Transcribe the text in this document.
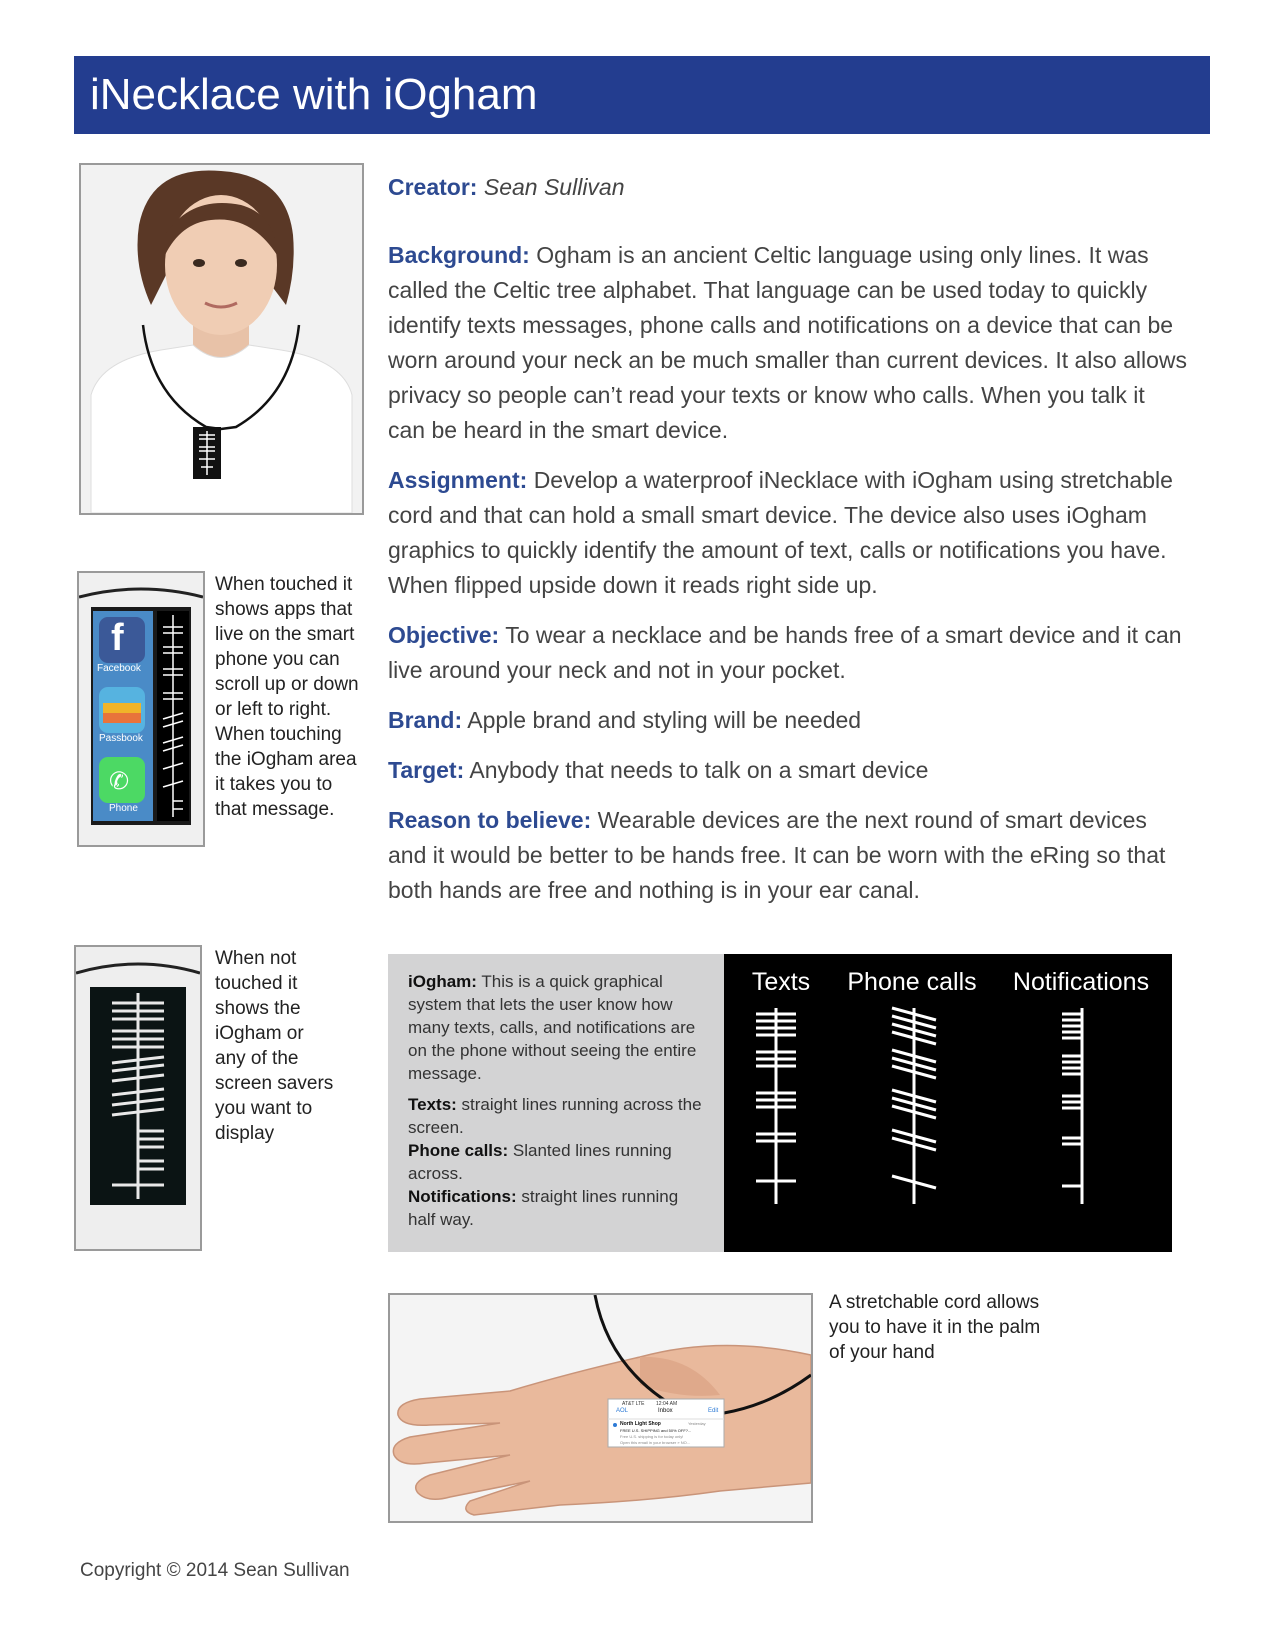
iNecklace with iOgham

Creator: Sean Sullivan

Background: Ogham is an ancient Celtic language using only lines. It was called the Celtic tree alphabet. That language can be used today to quickly identify texts messages, phone calls and notifications on a device that can be worn around your neck an be much smaller than current devices. It also allows privacy so people can’t read your texts or know who calls. When you talk it can be heard in the smart device.

Assignment: Develop a waterproof iNecklace with iOgham using stretchable cord and that can hold a small smart device. The device also uses iOgham graphics to quickly identify the amount of text, calls or notifications you have. When flipped upside down it reads right side up.

Objective: To wear a necklace and be hands free of a smart device and it can live around your neck and not in your pocket.

Brand: Apple brand and styling will be needed

Target: Anybody that needs to talk on a smart device

Reason to believe: Wearable devices are the next round of smart devices and it would be better to be hands free. It can be worn with the eRing so that both hands are free and nothing is in your ear canal.

f
Facebook
Passbook
✆
Phone
When touched it shows apps that live on the smart phone you can scroll up or down or left to right. When touching the iOgham area it takes you to that message.
When not touched it shows the iOgham or any of the screen savers you want to display

iOgham: This is a quick graphical system that lets the user know how many texts, calls, and notifications are on the phone without seeing the entire message.

Texts: straight lines running across the screen.

Phone calls: Slanted lines running across.

Notifications: straight lines running half way.

Texts	Phone calls Notifications
AT&T LTE 12:04 AM
AOL	Inbox	Edit
North Light Shop	Yesterday
FREE U.S. SHIPPING and 50% OFF?...
Free U.S. shipping is for today only!
Open this email in your browser » NO...
A stretchable cord allows you to have it in the palm of your hand
Copyright © 2014 Sean Sullivan
